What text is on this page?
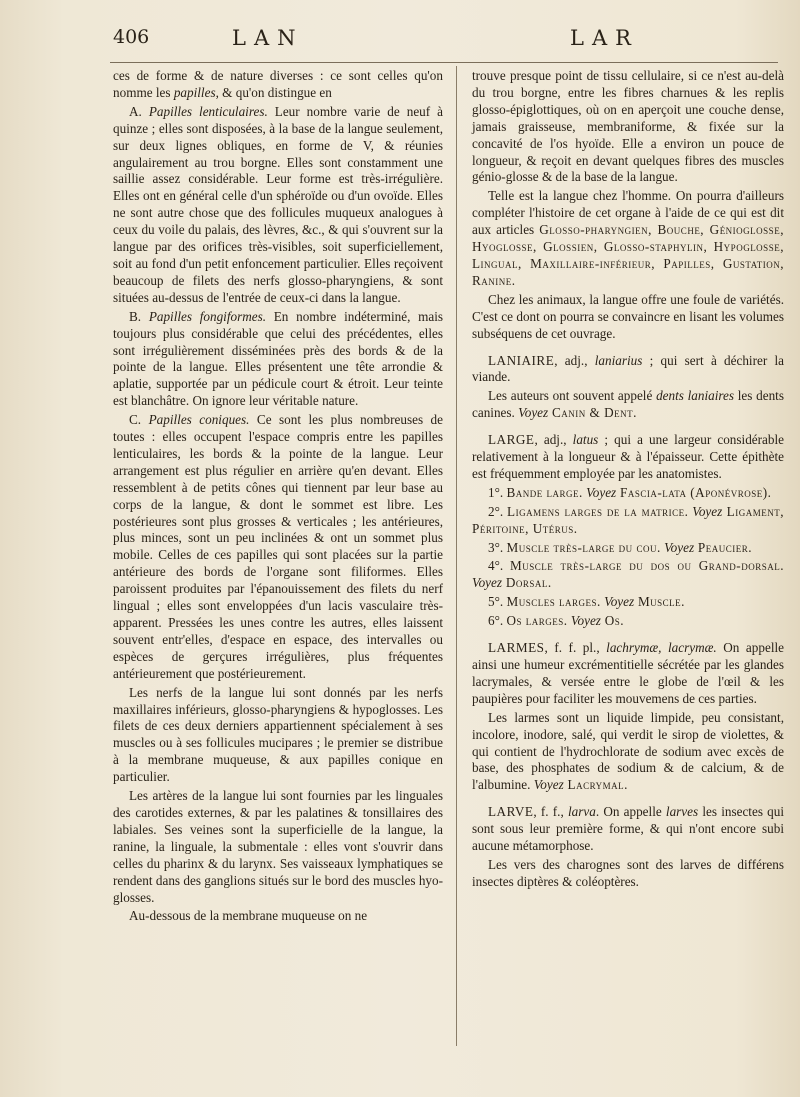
406	LAN	LAR

ces de forme & de nature diverses : ce sont celles qu'on nomme les papilles, & qu'on distingue en

A. Papilles lenticulaires. Leur nombre varie de neuf à quinze ; elles sont disposées, à la base de la langue seulement, sur deux lignes obliques, en forme de V, & réunies angulairement au trou borgne. Elles sont constamment une saillie assez considérable. Leur forme est très-irrégulière. Elles ont en général celle d'un sphéroïde ou d'un ovoïde. Elles ne sont autre chose que des follicules muqueux analogues à ceux du voile du palais, des lèvres, &c., & qui s'ouvrent sur la langue par des orifices très-visibles, soit superficiellement, soit au fond d'un petit enfoncement particulier. Elles reçoivent beaucoup de filets des nerfs glosso-pharyngiens, & sont situées au-dessus de l'entrée de ceux-ci dans la langue.

B. Papilles fongiformes. En nombre indéterminé, mais toujours plus considérable que celui des précédentes, elles sont irrégulièrement disséminées près des bords & de la pointe de la langue. Elles présentent une tête arrondie & aplatie, supportée par un pédicule court & étroit. Leur teinte est blanchâtre. On ignore leur véritable nature.

C. Papilles coniques. Ce sont les plus nombreuses de toutes : elles occupent l'espace compris entre les papilles lenticulaires, les bords & la pointe de la langue. Leur arrangement est plus régulier en arrière qu'en devant. Elles ressemblent à de petits cônes qui tiennent par leur base au corps de la langue, & dont le sommet est libre. Les postérieures sont plus grosses & verticales ; les antérieures, plus minces, sont un peu inclinées & ont un sommet plus mobile. Celles de ces papilles qui sont placées sur la partie antérieure des bords de l'organe sont filiformes. Elles paroissent produites par l'épanouissement des filets du nerf lingual ; elles sont enveloppées d'un lacis vasculaire très-apparent. Pressées les unes contre les autres, elles laissent souvent entr'elles, d'espace en espace, des intervalles ou espèces de gerçures irrégulières, plus fréquentes antérieurement que postérieurement.

Les nerfs de la langue lui sont donnés par les nerfs maxillaires inférieurs, glosso-pharyngiens & hypoglosses. Les filets de ces deux derniers appartiennent spécialement à ses muscles ou à ses follicules mucipares ; le premier se distribue à la membrane muqueuse, & aux papilles conique en particulier.

Les artères de la langue lui sont fournies par les linguales des carotides externes, & par les palatines & tonsillaires des labiales. Ses veines sont la superficielle de la langue, la ranine, la linguale, la submentale : elles vont s'ouvrir dans celles du pharinx & du larynx. Ses vaisseaux lymphatiques se rendent dans des ganglions situés sur le bord des muscles hyo-glosses.

Au-dessous de la membrane muqueuse on ne

trouve presque point de tissu cellulaire, si ce n'est au-delà du trou borgne, entre les fibres charnues & les replis glosso-épiglottiques, où on en aperçoit une couche dense, jamais graisseuse, membraniforme, & fixée sur la concavité de l'os hyoïde. Elle a environ un pouce de longueur, & reçoit en devant quelques fibres des muscles génio-glosse & de la base de la langue.

Telle est la langue chez l'homme. On pourra d'ailleurs compléter l'histoire de cet organe à l'aide de ce qui est dit aux articles Glosso-pharyngien, Bouche, Génioglosse, Hyoglosse, Glossien, Glosso-staphylin, Hypoglosse, Lingual, Maxillaire-inférieur, Papilles, Gustation, Ranine.

Chez les animaux, la langue offre une foule de variétés. C'est ce dont on pourra se convaincre en lisant les volumes subséquens de cet ouvrage.

LANIAIRE, adj., laniarius ; qui sert à déchirer la viande.

Les auteurs ont souvent appelé dents laniaires les dents canines. Voyez Canin & Dent.

LARGE, adj., latus ; qui a une largeur considérable relativement à la longueur & à l'épaisseur. Cette épithète est fréquemment employée par les anatomistes.

1°. Bande large. Voyez Fascia-lata (Aponévrose).

2°. Ligamens larges de la matrice. Voyez Ligament, Péritoine, Utérus.

3°. Muscle très-large du cou. Voyez Peaucier.

4°. Muscle très-large du dos ou Grand-dorsal. Voyez Dorsal.

5°. Muscles larges. Voyez Muscle.

6°. Os larges. Voyez Os.

LARMES, f. f. pl., lachrymæ, lacrymæ. On appelle ainsi une humeur excrémentitielle sécrétée par les glandes lacrymales, & versée entre le globe de l'œil & les paupières pour faciliter les mouvemens de ces parties.

Les larmes sont un liquide limpide, peu consistant, incolore, inodore, salé, qui verdit le sirop de violettes, & qui contient de l'hydrochlorate de sodium avec excès de base, des phosphates de sodium & de calcium, & de l'albumine. Voyez Lacrymal.

LARVE, f. f., larva. On appelle larves les insectes qui sont sous leur première forme, & qui n'ont encore subi aucune métamorphose.

Les vers des charognes sont des larves de différens insectes diptères & coléoptères.
